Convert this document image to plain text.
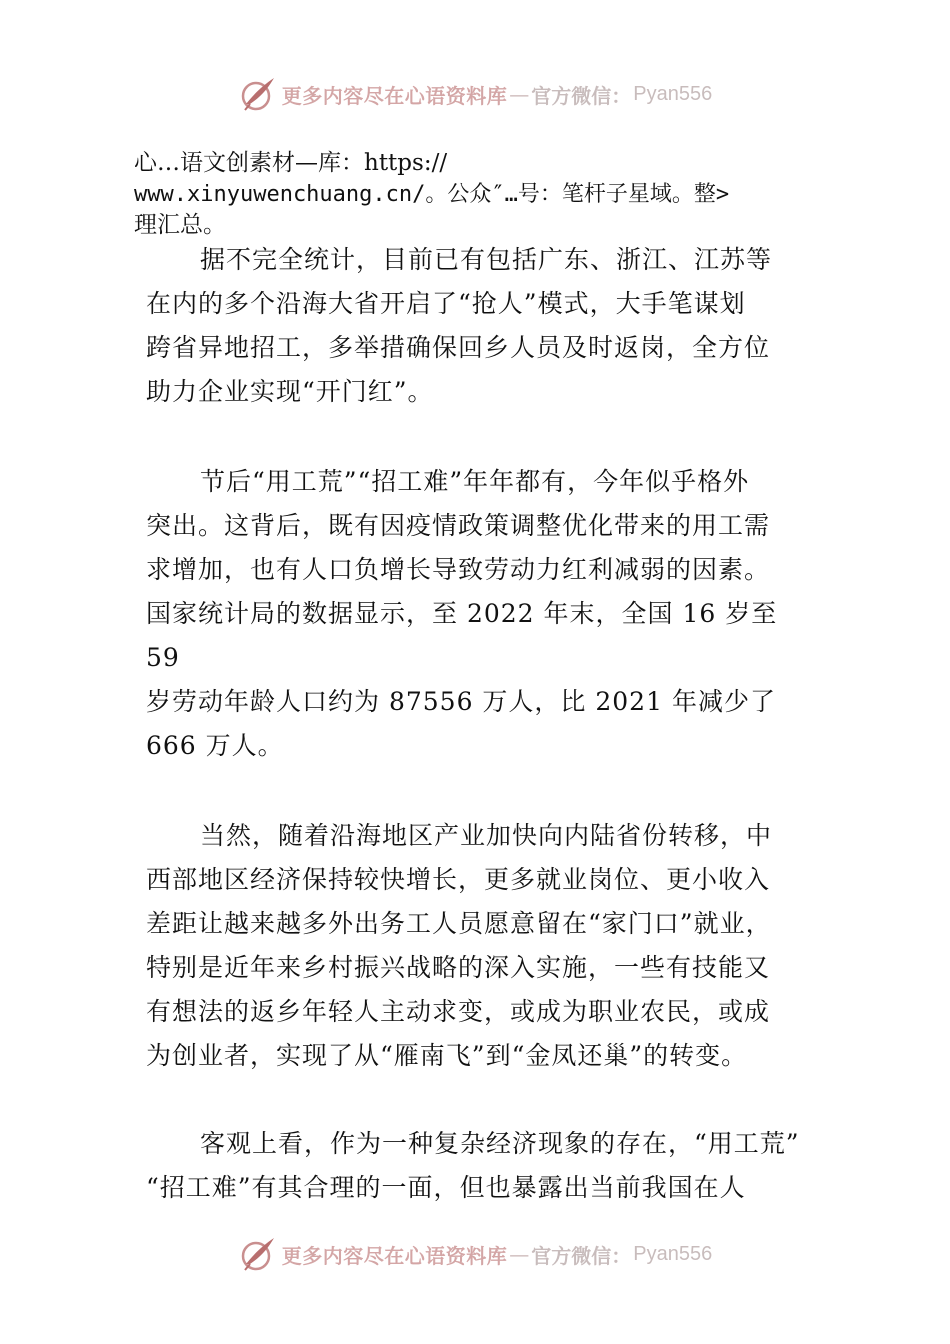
更多内容尽在心语资料库 — 官方微信： Pyan556
心…语文创素材—库：https://
www.xinyuwenchuang.cn/。公众″…号：笔杆子星域。整>
理汇总。
据不完全统计，目前已有包括广东、浙江、江苏等
在内的多个沿海大省开启了“抢人”模式，大手笔谋划
跨省异地招工，多举措确保回乡人员及时返岗，全方位
助力企业实现“开门红”。
节后“用工荒”“招工难”年年都有，今年似乎格外
突出。这背后，既有因疫情政策调整优化带来的用工需
求增加，也有人口负增长导致劳动力红利减弱的因素。
国家统计局的数据显示，至 2022 年末，全国 16 岁至
59
岁劳动年龄人口约为 87556 万人，比 2021 年减少了
666 万人。
当然，随着沿海地区产业加快向内陆省份转移，中
西部地区经济保持较快增长，更多就业岗位、更小收入
差距让越来越多外出务工人员愿意留在“家门口”就业，
特别是近年来乡村振兴战略的深入实施，一些有技能又
有想法的返乡年轻人主动求变，或成为职业农民，或成
为创业者，实现了从“雁南飞”到“金凤还巢”的转变。
客观上看，作为一种复杂经济现象的存在，“用工荒”
“招工难”有其合理的一面，但也暴露出当前我国在人
更多内容尽在心语资料库 — 官方微信： Pyan556
